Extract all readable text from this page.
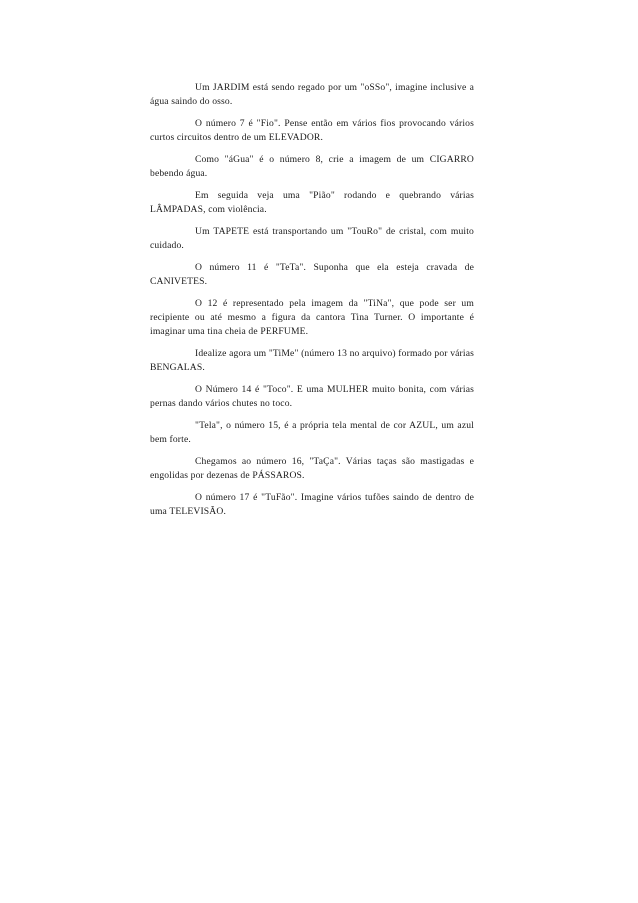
Um JARDIM está sendo regado por um "oSSo", imagine inclusive a água saindo do osso.

O número 7 é "Fio". Pense então em vários fios provocando vários curtos circuitos dentro de um ELEVADOR.

Como "áGua" é o número 8, crie a imagem de um CIGARRO bebendo água.

Em seguida veja uma "Pião" rodando e quebrando várias LÂMPADAS, com violência.

Um TAPETE está transportando um "TouRo" de cristal, com muito cuidado.

O número 11 é "TeTa". Suponha que ela esteja cravada de CANIVETES.

O 12 é representado pela imagem da "TiNa", que pode ser um recipiente ou até mesmo a figura da cantora Tina Turner. O importante é imaginar uma tina cheia de PERFUME.

Idealize agora um "TiMe" (número 13 no arquivo) formado por várias BENGALAS.

O Número 14 é "Toco". E uma MULHER muito bonita, com várias pernas dando vários chutes no toco.

"Tela", o número 15, é a própria tela mental de cor AZUL, um azul bem forte.

Chegamos ao número 16, "TaÇa". Várias taças são mastigadas e engolidas por dezenas de PÁSSAROS.

O número 17 é "TuFão". Imagine vários tufões saindo de dentro de uma TELEVISÃO.
